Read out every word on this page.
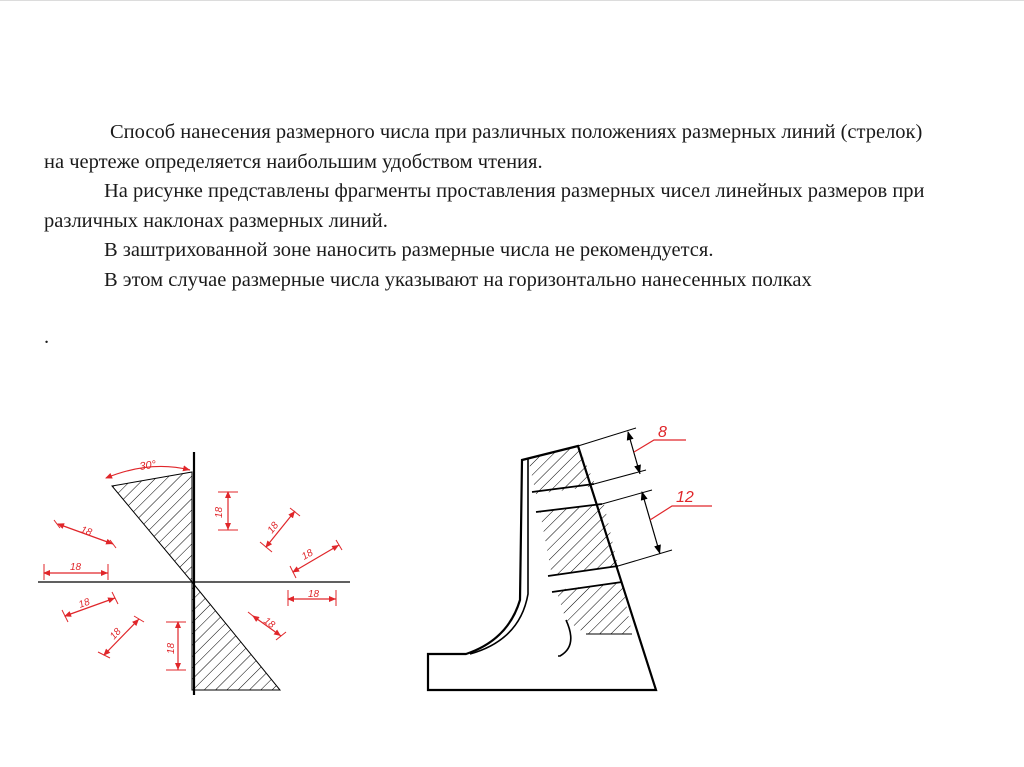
Способ нанесения размерного числа при различных положениях размерных линий (стрелок) на чертеже определяется наибольшим удобством чтения.

На рисунке представлены фрагменты проставления размерных чисел линейных размеров при различных наклонах размерных линий.

В заштрихованной зоне наносить размерные числа не рекомендуется.

В этом случае размерные числа указывают на горизонтально нанесенных полках

.

30°
18
18
18
18
18
18
18
18
18
18
8
12
